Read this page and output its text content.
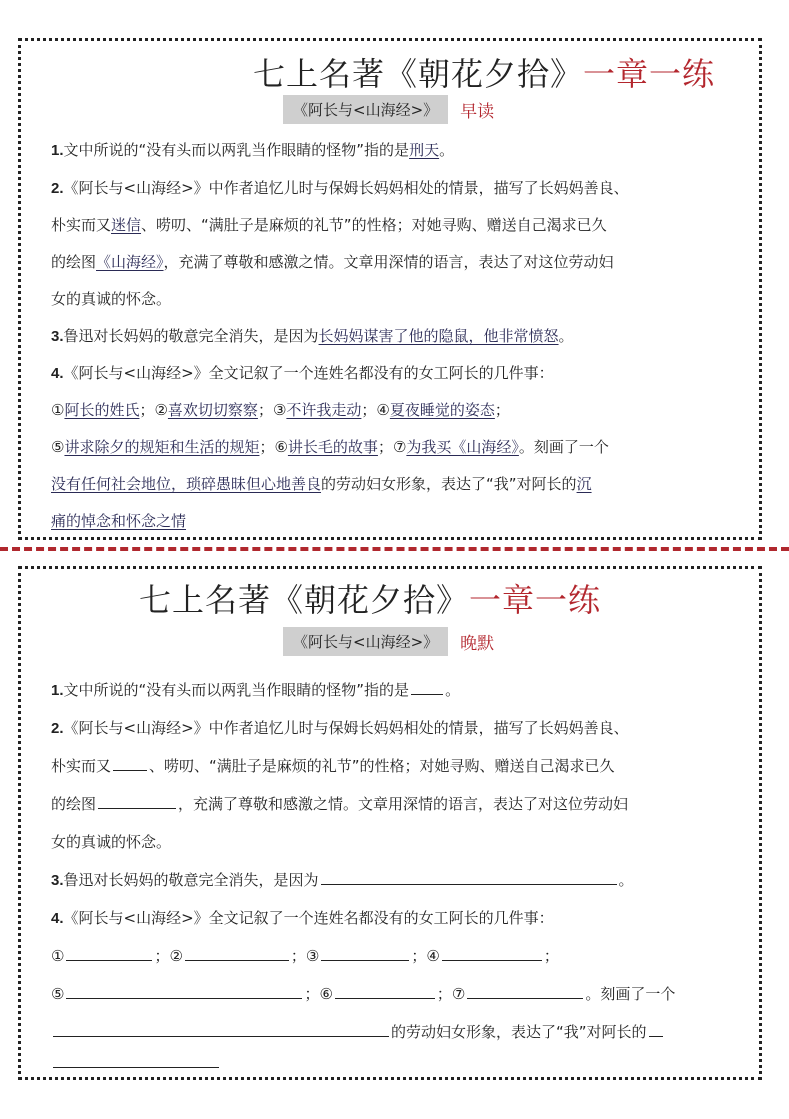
七上名著《朝花夕拾》一章一练
《阿长与<山海经>》 早读
1.文中所说的“没有头而以两乳当作眼睛的怪物”指的是刑天。
2.《阿长与<山海经>》中作者追忆儿时与保姆长妈妈相处的情景，描写了长妈妈善良、
朴实而又迷信、唠叨、“满肚子是麻烦的礼节”的性格；对她寻购、赠送自己渴求已久
的绘图《山海经》，充满了尊敬和感激之情。文章用深情的语言，表达了对这位劳动妇
女的真诚的怀念。
3.鲁迅对长妈妈的敬意完全消失，是因为长妈妈谋害了他的隐鼠，他非常愤怒。
4.《阿长与<山海经>》全文记叙了一个连姓名都没有的女工阿长的几件事：
①阿长的姓氏；②喜欢切切察察；③不许我走动；④夏夜睡觉的姿态；
⑤讲求除夕的规矩和生活的规矩；⑥讲长毛的故事；⑦为我买《山海经》。刻画了一个
没有任何社会地位，琐碎愚昧但心地善良的劳动妇女形象，表达了“我”对阿长的沉
痛的悼念和怀念之情
七上名著《朝花夕拾》一章一练
《阿长与<山海经>》 晚默
1.文中所说的“没有头而以两乳当作眼睛的怪物”指的是 。
2.《阿长与<山海经>》中作者追忆儿时与保姆长妈妈相处的情景，描写了长妈妈善良、
朴实而又	、唠叨、“满肚子是麻烦的礼节”的性格；对她寻购、赠送自己渴求已久
的绘图	，充满了尊敬和感激之情。文章用深情的语言，表达了对这位劳动妇
女的真诚的怀念。
3.鲁迅对长妈妈的敬意完全消失，是因为	。
4.《阿长与<山海经>》全文记叙了一个连姓名都没有的女工阿长的几件事：
①	；②	；③	；④	；
⑤	；⑥	；⑦	。刻画了一个
的劳动妇女形象，表达了“我”对阿长的
